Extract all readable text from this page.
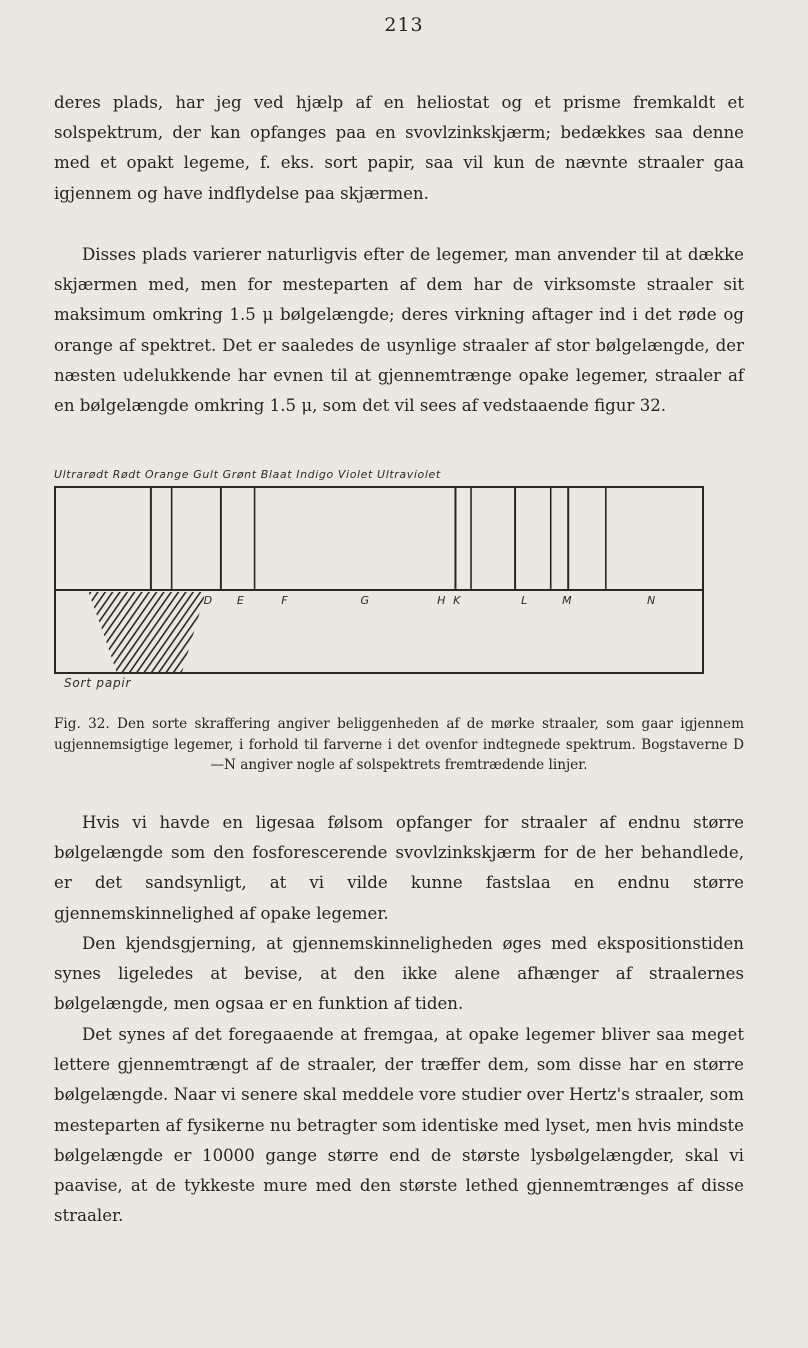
213

deres plads, har jeg ved hjælp af en heliostat og et prisme fremkaldt et solspektrum, der kan opfanges paa en svovlzinkskjærm; bedækkes saa denne med et opakt legeme, f. eks. sort papir, saa vil kun de nævnte straaler gaa igjennem og have indflydelse paa skjærmen.

Disses plads varierer naturligvis efter de legemer, man anvender til at dække skjærmen med, men for mesteparten af dem har de virksomste straaler sit maksimum omkring 1.5 μ bølgelængde; deres virkning aftager ind i det røde og orange af spektret. Det er saaledes de usynlige straaler af stor bølgelængde, der næsten udelukkende har evnen til at gjennemtrænge opake legemer, straaler af en bølgelængde omkring 1.5 μ, som det vil sees af vedstaaende figur 32.

Ultrarødt Rødt Orange Gult Grønt Blaat Indigo Violet Ultraviolet
D E	F	G	H K	L	M	N
Sort papir

Fig. 32. Den sorte skraffering angiver beliggenheden af de mørke straaler, som gaar igjennem ugjennemsigtige legemer, i forhold til farverne i det ovenfor indtegnede spektrum. Bogstaverne D—N angiver nogle af solspektrets fremtrædende linjer.

Hvis vi havde en ligesaa følsom opfanger for straaler af endnu større bølgelængde som den fosforescerende svovlzinkskjærm for de her behandlede, er det sandsynligt, at vi vilde kunne fastslaa en endnu større gjennemskinnelighed af opake legemer.

Den kjendsgjerning, at gjennemskinneligheden øges med ekspositionstiden synes ligeledes at bevise, at den ikke alene afhænger af straalernes bølgelængde, men ogsaa er en funktion af tiden.

Det synes af det foregaaende at fremgaa, at opake legemer bliver saa meget lettere gjennemtrængt af de straaler, der træffer dem, som disse har en større bølgelængde. Naar vi senere skal meddele vore studier over Hertz's straaler, som mesteparten af fysikerne nu betragter som identiske med lyset, men hvis mindste bølgelængde er 10000 gange større end de største lysbølgelængder, skal vi paavise, at de tykkeste mure med den største lethed gjennemtrænges af disse straaler.
